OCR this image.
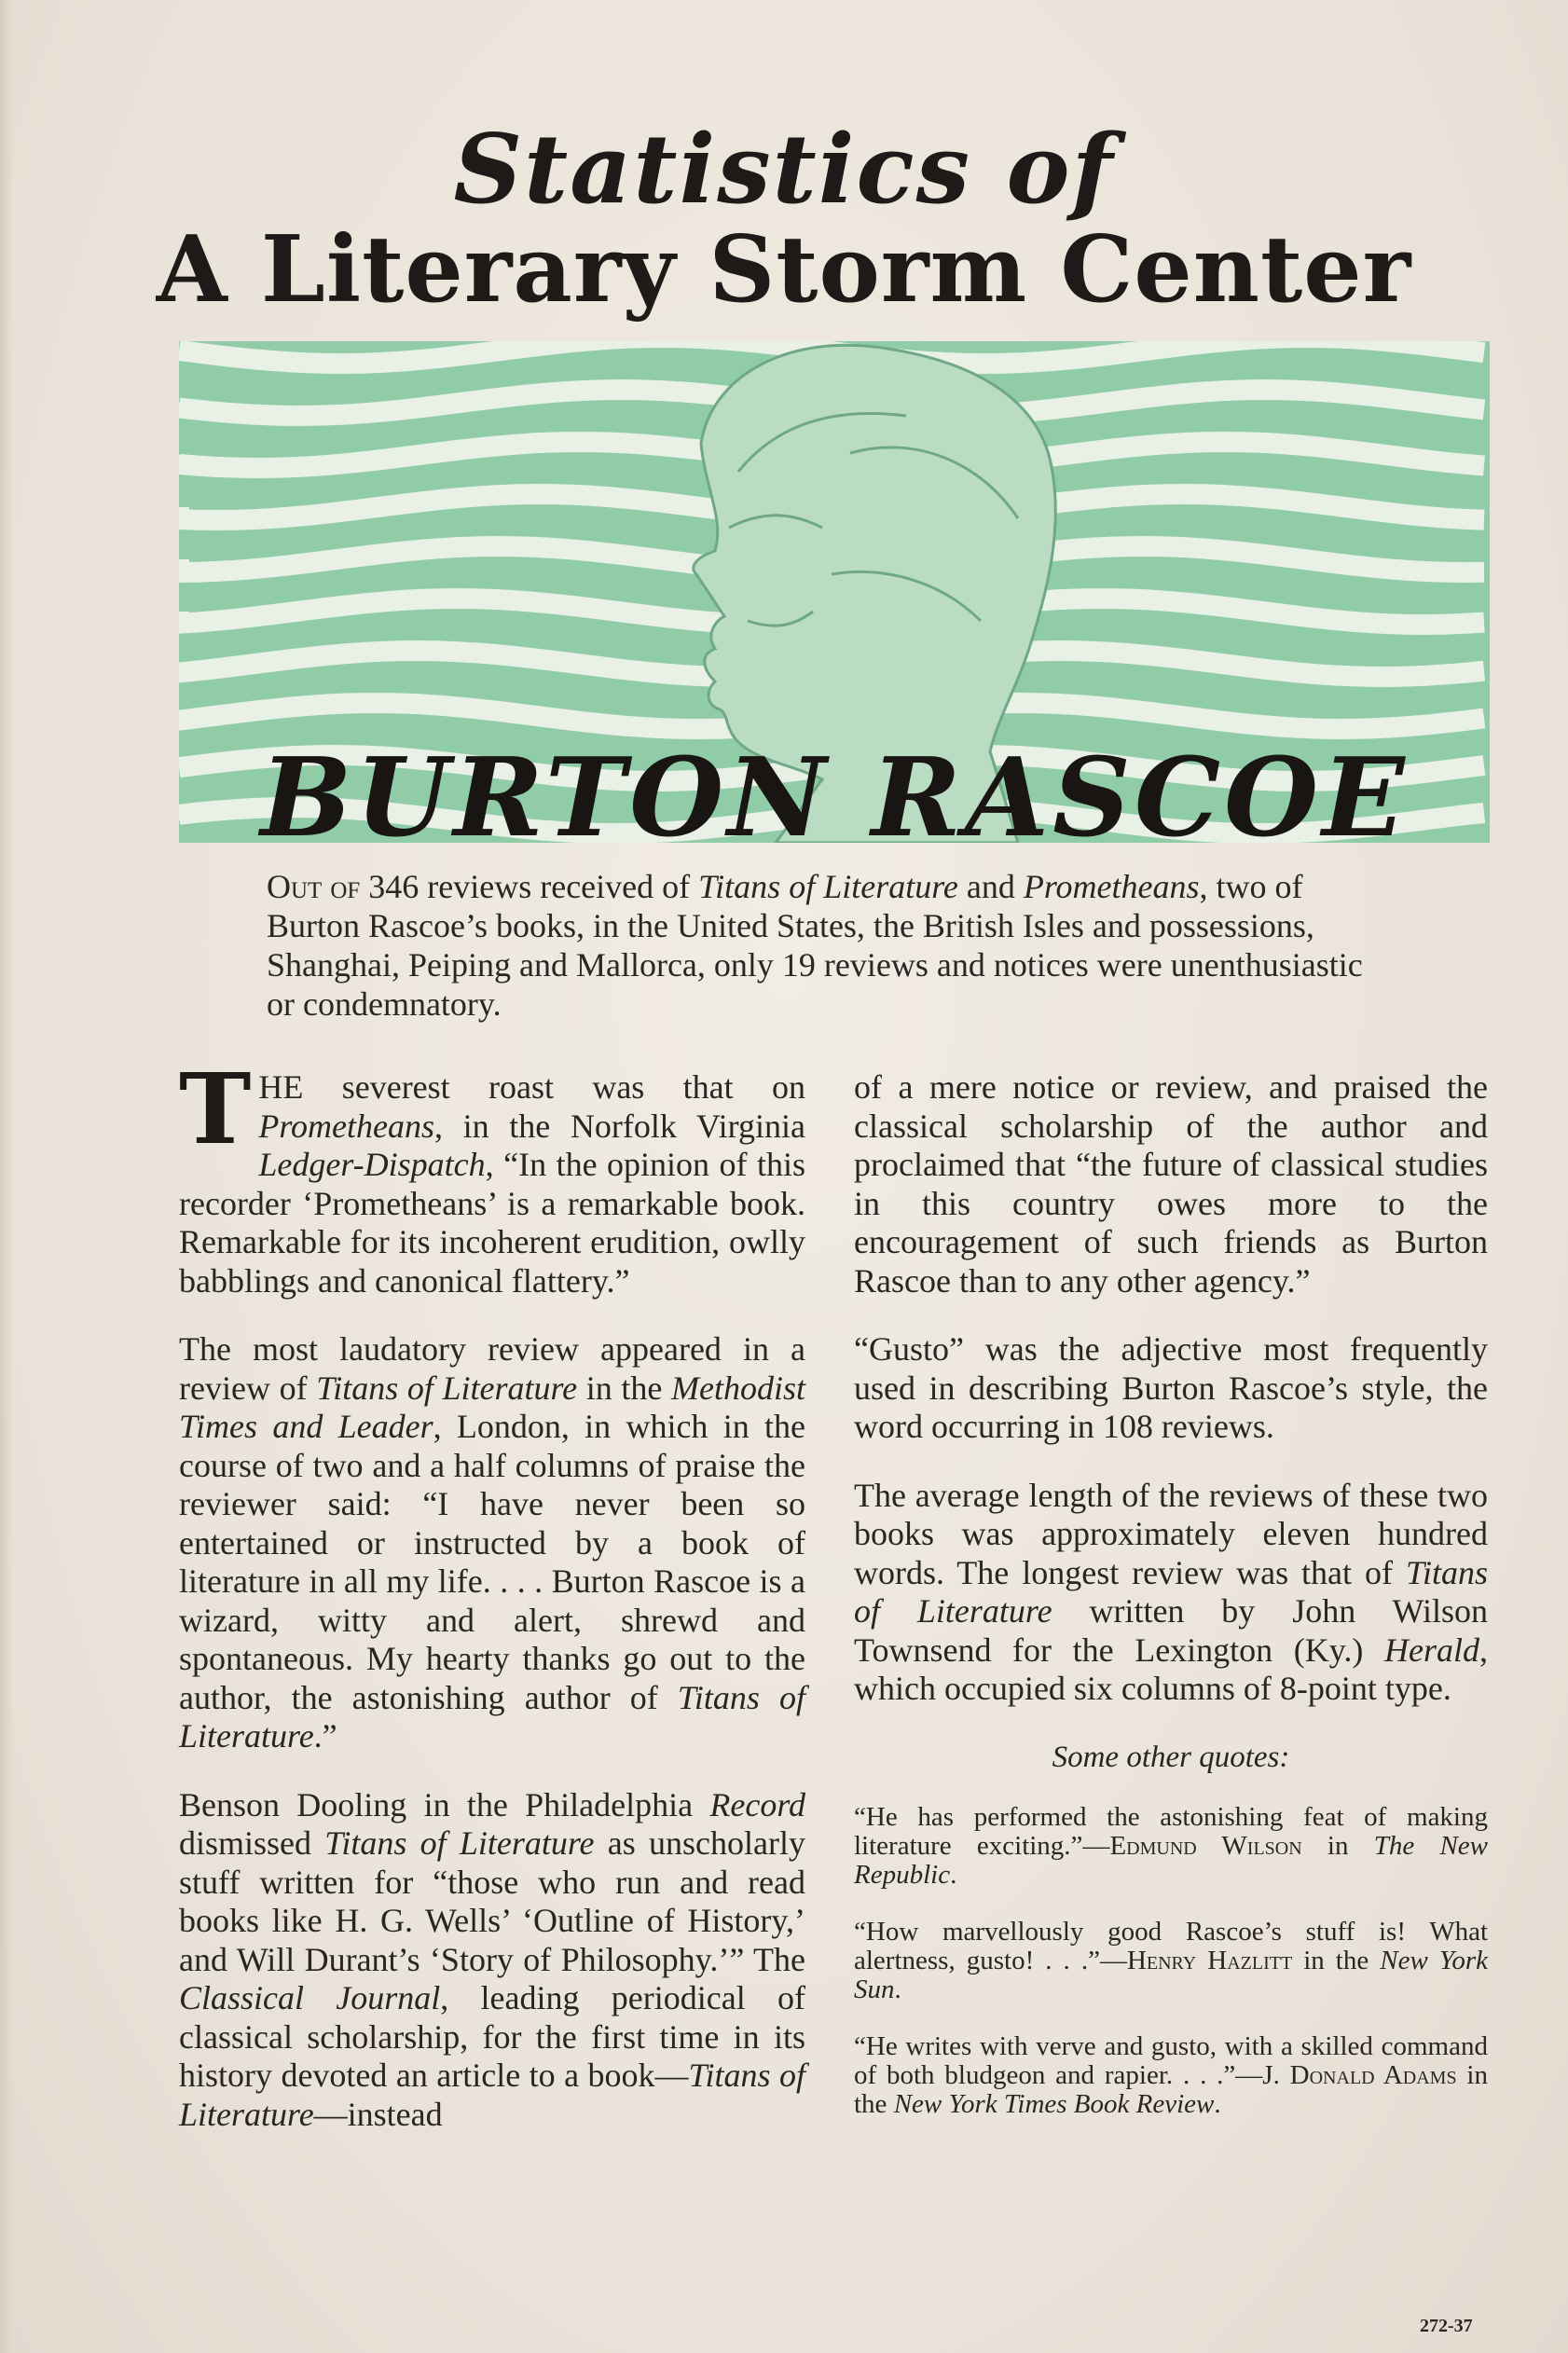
Statistics of
A Literary Storm Center
BURTON RASCOE
Out of 346 reviews received of Titans of Literature and Prometheans, two of Burton Rascoe’s books, in the United States, the British Isles and possessions, Shanghai, Peiping and Mallorca, only 19 reviews and notices were unenthusiastic or condemnatory.

THE severest roast was that on Prometheans, in the Norfolk Virginia Ledger-Dispatch, “In the opinion of this recorder ‘Prometheans’ is a remarkable book. Remarkable for its incoherent erudition, owlly babblings and canonical flattery.”

The most laudatory review appeared in a review of Titans of Literature in the Methodist Times and Leader, London, in which in the course of two and a half columns of praise the reviewer said: “I have never been so entertained or instructed by a book of literature in all my life. . . . Burton Rascoe is a wizard, witty and alert, shrewd and spontaneous. My hearty thanks go out to the author, the astonishing author of Titans of Literature.”

Benson Dooling in the Philadelphia Record dismissed Titans of Literature as unscholarly stuff written for “those who run and read books like H. G. Wells’ ‘Outline of History,’ and Will Durant’s ‘Story of Philosophy.’” The Classical Journal, leading periodical of classical scholarship, for the first time in its history devoted an article to a book—Titans of Literature—instead

of a mere notice or review, and praised the classical scholarship of the author and proclaimed that “the future of classical studies in this country owes more to the encouragement of such friends as Burton Rascoe than to any other agency.”

“Gusto” was the adjective most frequently used in describing Burton Rascoe’s style, the word occurring in 108 reviews.

The average length of the reviews of these two books was approximately eleven hundred words. The longest review was that of Titans of Literature written by John Wilson Townsend for the Lexington (Ky.) Herald, which occupied six columns of 8-point type.

Some other quotes:
“He has performed the astonishing feat of making literature exciting.”—Edmund Wilson in The New Republic.
“How marvellously good Rascoe’s stuff is! What alertness, gusto! . . .”—Henry Hazlitt in the New York Sun.
“He writes with verve and gusto, with a skilled command of both bludgeon and rapier. . . .”—J. Donald Adams in the New York Times Book Review.
272-37
